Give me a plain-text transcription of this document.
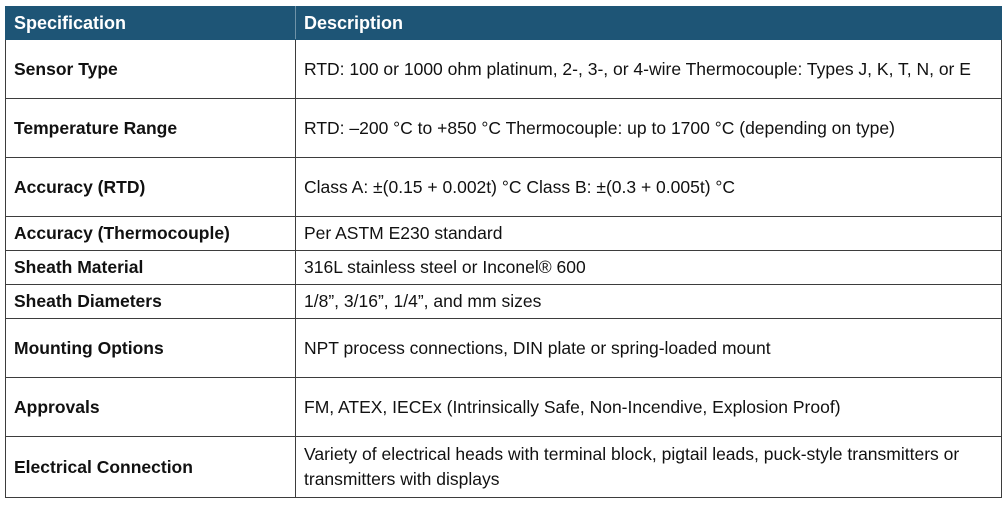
Specification	Description
Sensor Type	RTD: 100 or 1000 ohm platinum, 2-, 3-, or 4-wire Thermocouple: Types J, K, T, N, or E
Temperature Range	RTD: –200 °C to +850 °C Thermocouple: up to 1700 °C (depending on type)
Accuracy (RTD)	Class A: ±(0.15 + 0.002t) °C Class B: ±(0.3 + 0.005t) °C
Accuracy (Thermocouple)	Per ASTM E230 standard
Sheath Material	316L stainless steel or Inconel® 600
Sheath Diameters	1/8”, 3/16”, 1/4”, and mm sizes
Mounting Options	NPT process connections, DIN plate or spring-loaded mount
Approvals	FM, ATEX, IECEx (Intrinsically Safe, Non-Incendive, Explosion Proof)
Electrical Connection	Variety of electrical heads with terminal block, pigtail leads, puck-style transmitters or transmitters with displays
